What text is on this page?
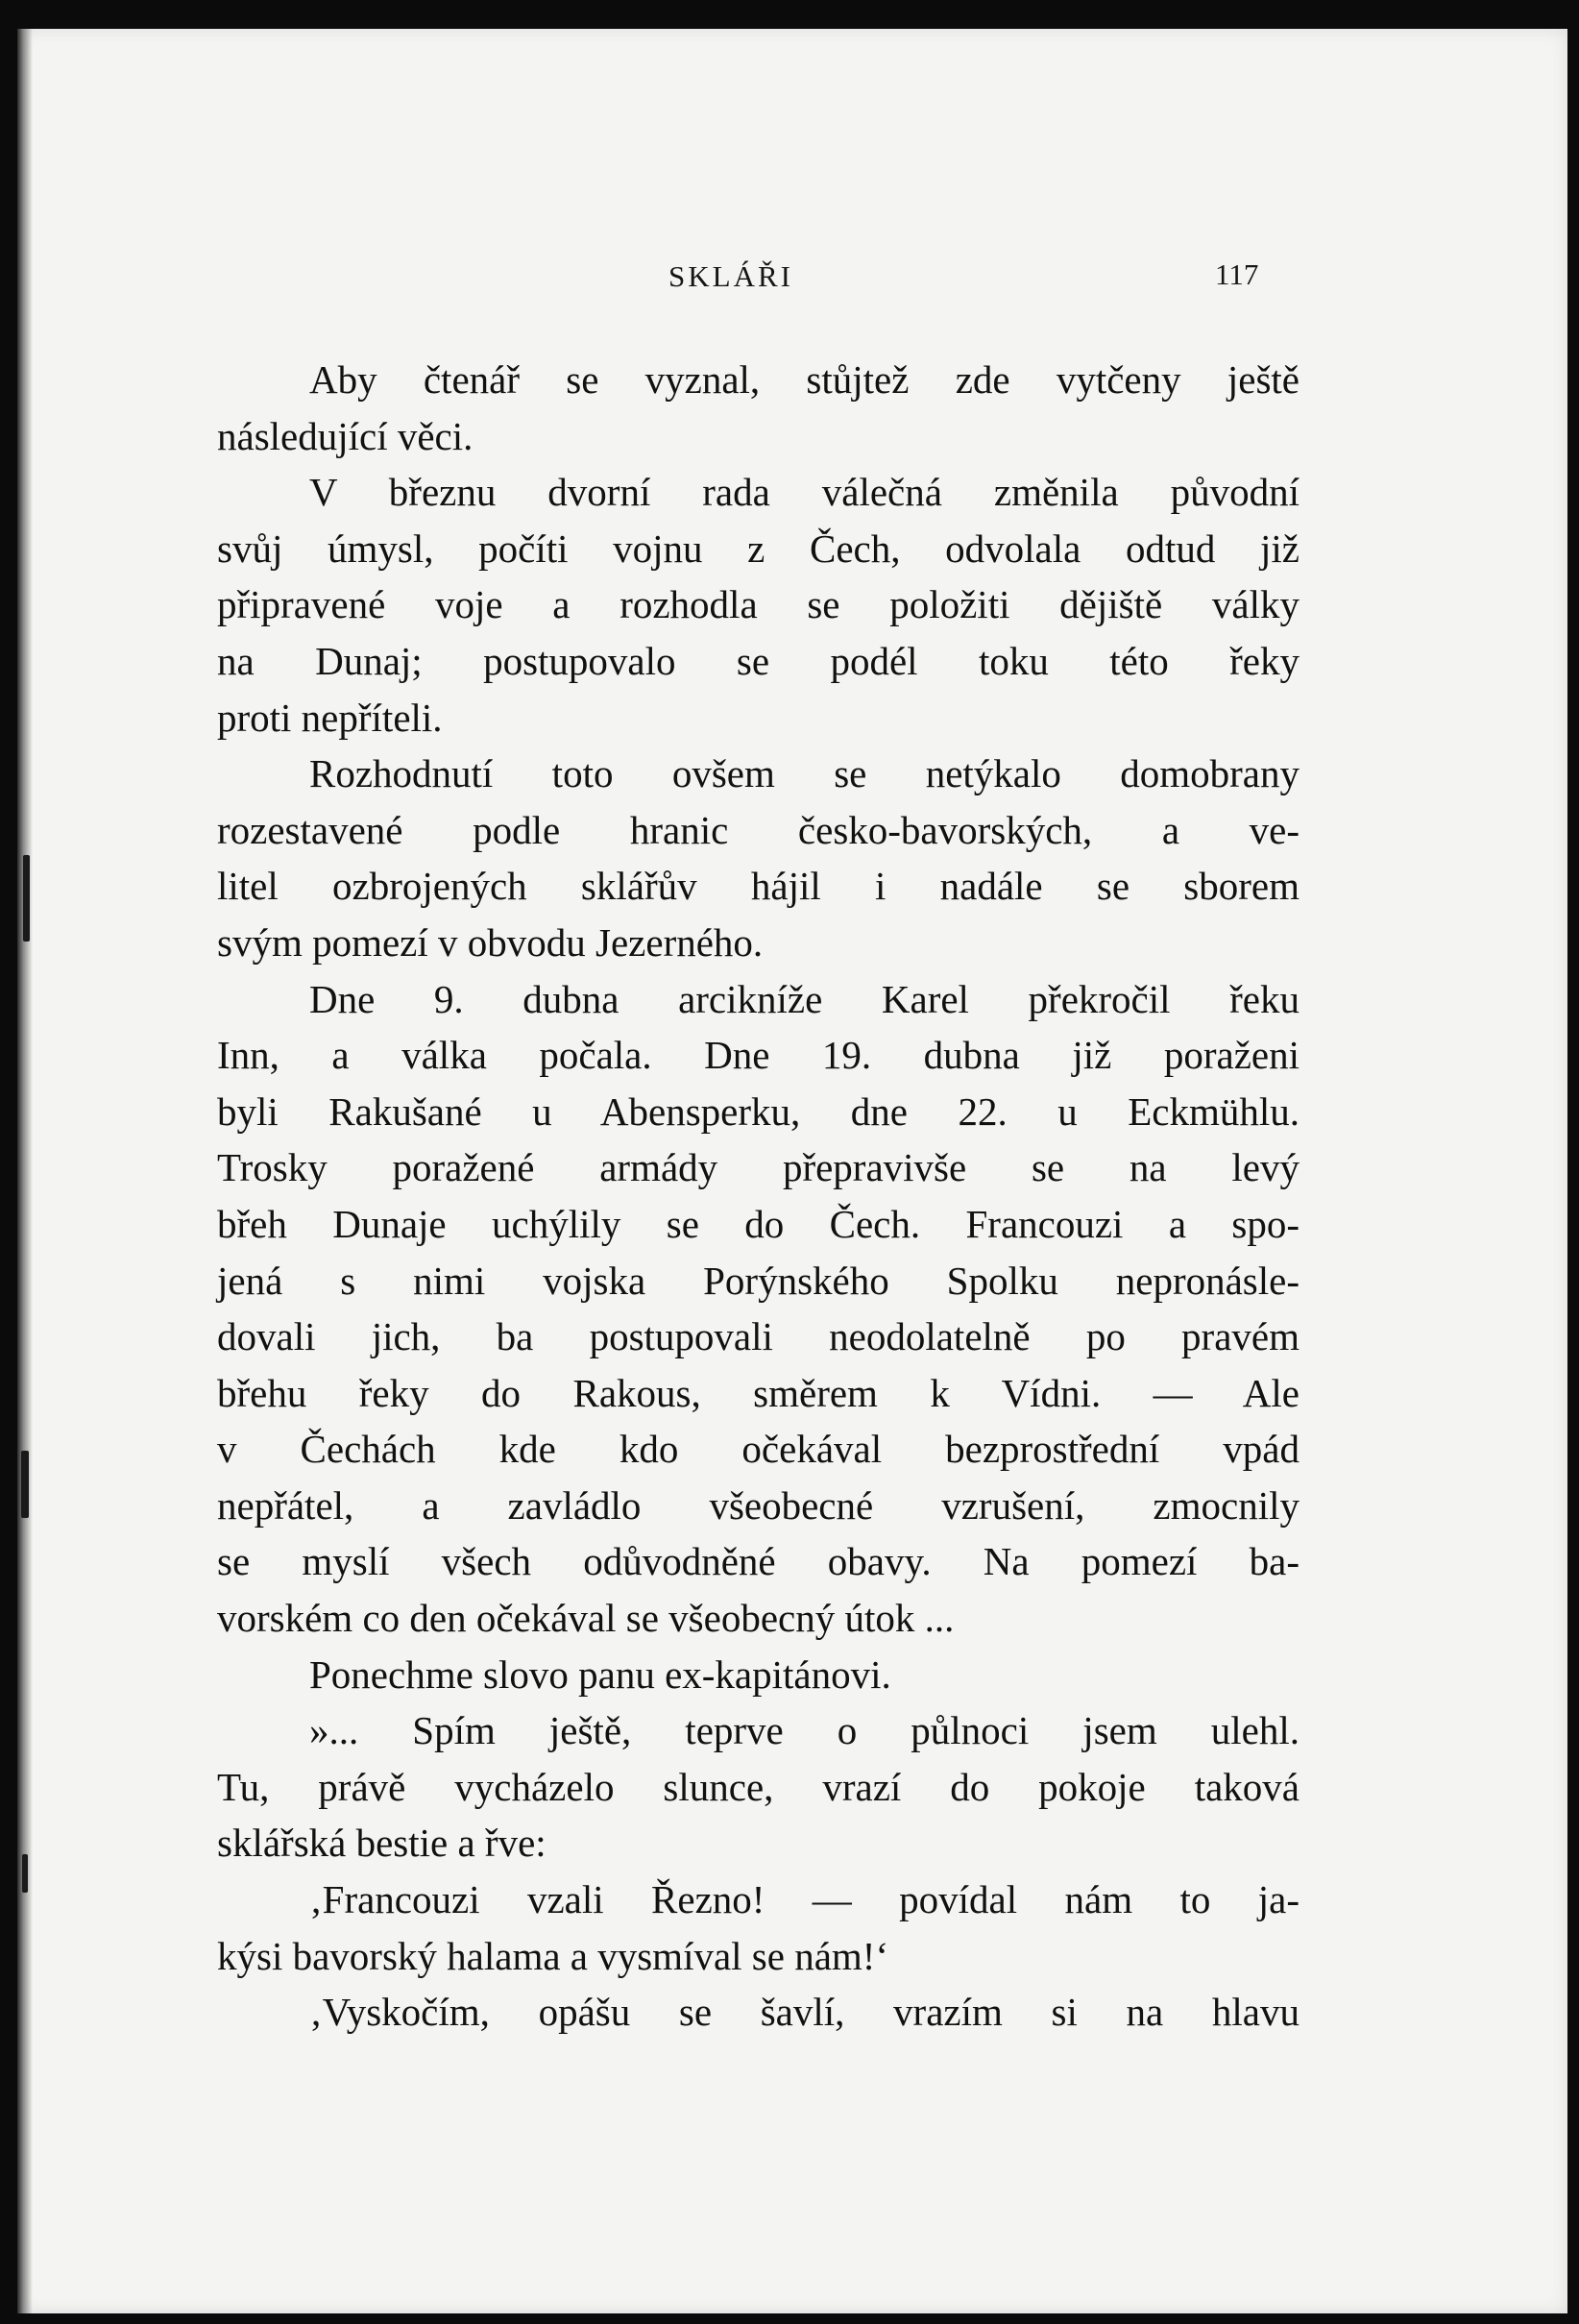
SKLÁŘI	117
Aby čtenář se vyznal, stůjtež zde vytčeny ještě
následující věci.
V březnu dvorní rada válečná změnila původní
svůj úmysl, počíti vojnu z Čech, odvolala odtud již
připravené voje a rozhodla se položiti dějiště války
na Dunaj; postupovalo se podél toku této řeky
proti nepříteli.
Rozhodnutí toto ovšem se netýkalo domobrany
rozestavené podle hranic česko-bavorských, a ve-
litel ozbrojených sklářův hájil i nadále se sborem
svým pomezí v obvodu Jezerného.
Dne 9. dubna arcikníže Karel překročil řeku
Inn, a válka počala. Dne 19. dubna již poraženi
byli Rakušané u Abensperku, dne 22. u Eckmühlu.
Trosky poražené armády přepravivše se na levý
břeh Dunaje uchýlily se do Čech. Francouzi a spo-
jená s nimi vojska Porýnského Spolku nepronásle-
dovali jich, ba postupovali neodolatelně po pravém
břehu řeky do Rakous, směrem k Vídni. — Ale
v Čechách kde kdo očekával bezprostřední vpád
nepřátel, a zavládlo všeobecné vzrušení, zmocnily
se myslí všech odůvodněné obavy. Na pomezí ba-
vorském co den očekával se všeobecný útok ...
Ponechme slovo panu ex-kapitánovi.
»... Spím ještě, teprve o půlnoci jsem ulehl.
Tu, právě vycházelo slunce, vrazí do pokoje taková
sklářská bestie a řve:
‚Francouzi vzali Řezno! — povídal nám to ja-
kýsi bavorský halama a vysmíval se nám!‘
‚Vyskočím, opášu se šavlí, vrazím si na hlavu
